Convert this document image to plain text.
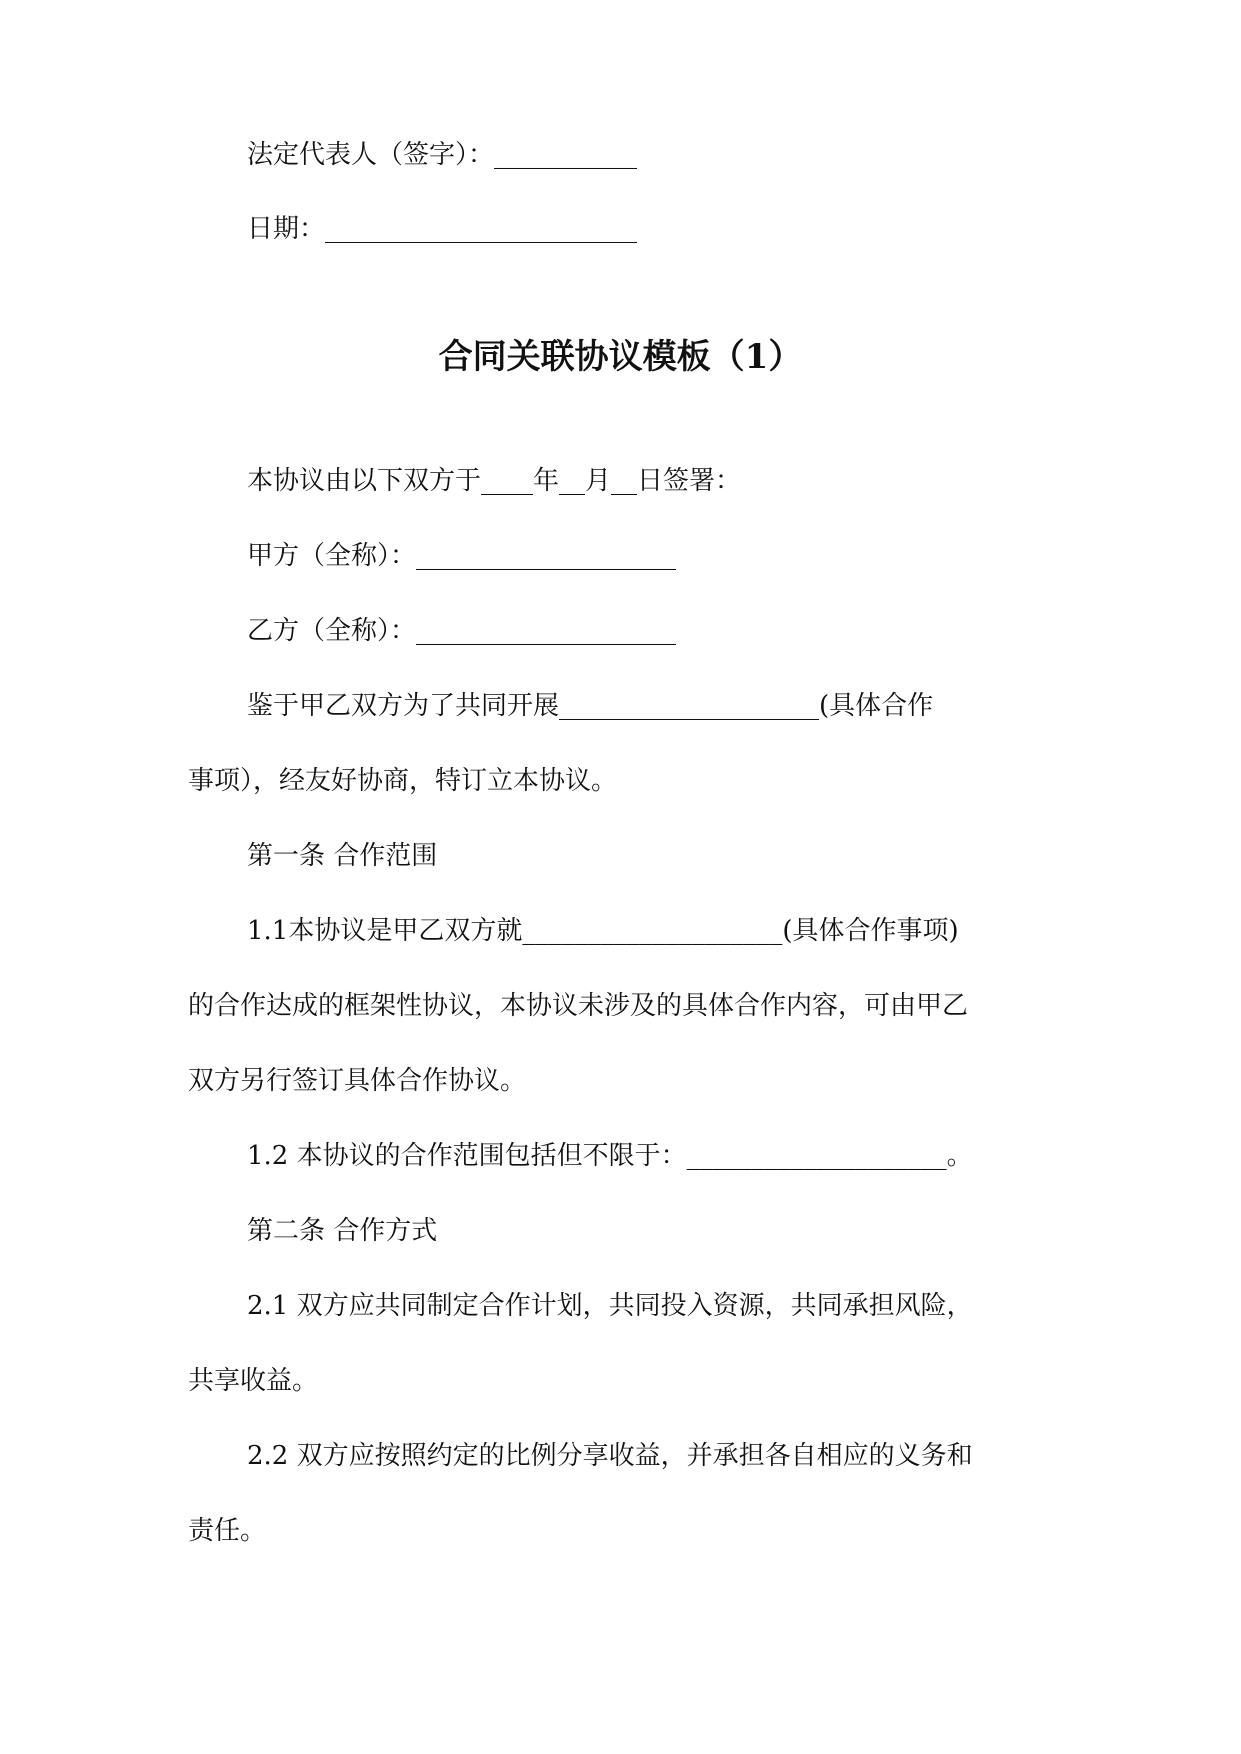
法定代表人（签字）：___________
日期：________________________
合同关联协议模板（1）
本协议由以下双方于____年__月__日签署：
甲方（全称）：____________________
乙方（全称）：____________________
鉴于甲乙双方为了共同开展____________________(具体合作
事项），经友好协商，特订立本协议。
第一条 合作范围
1.1本协议是甲乙双方就____________________(具体合作事项)
的合作达成的框架性协议，本协议未涉及的具体合作内容，可由甲乙
双方另行签订具体合作协议。
1.2 本协议的合作范围包括但不限于：____________________。
第二条 合作方式
2.1 双方应共同制定合作计划，共同投入资源，共同承担风险，
共享收益。
2.2 双方应按照约定的比例分享收益，并承担各自相应的义务和
责任。
